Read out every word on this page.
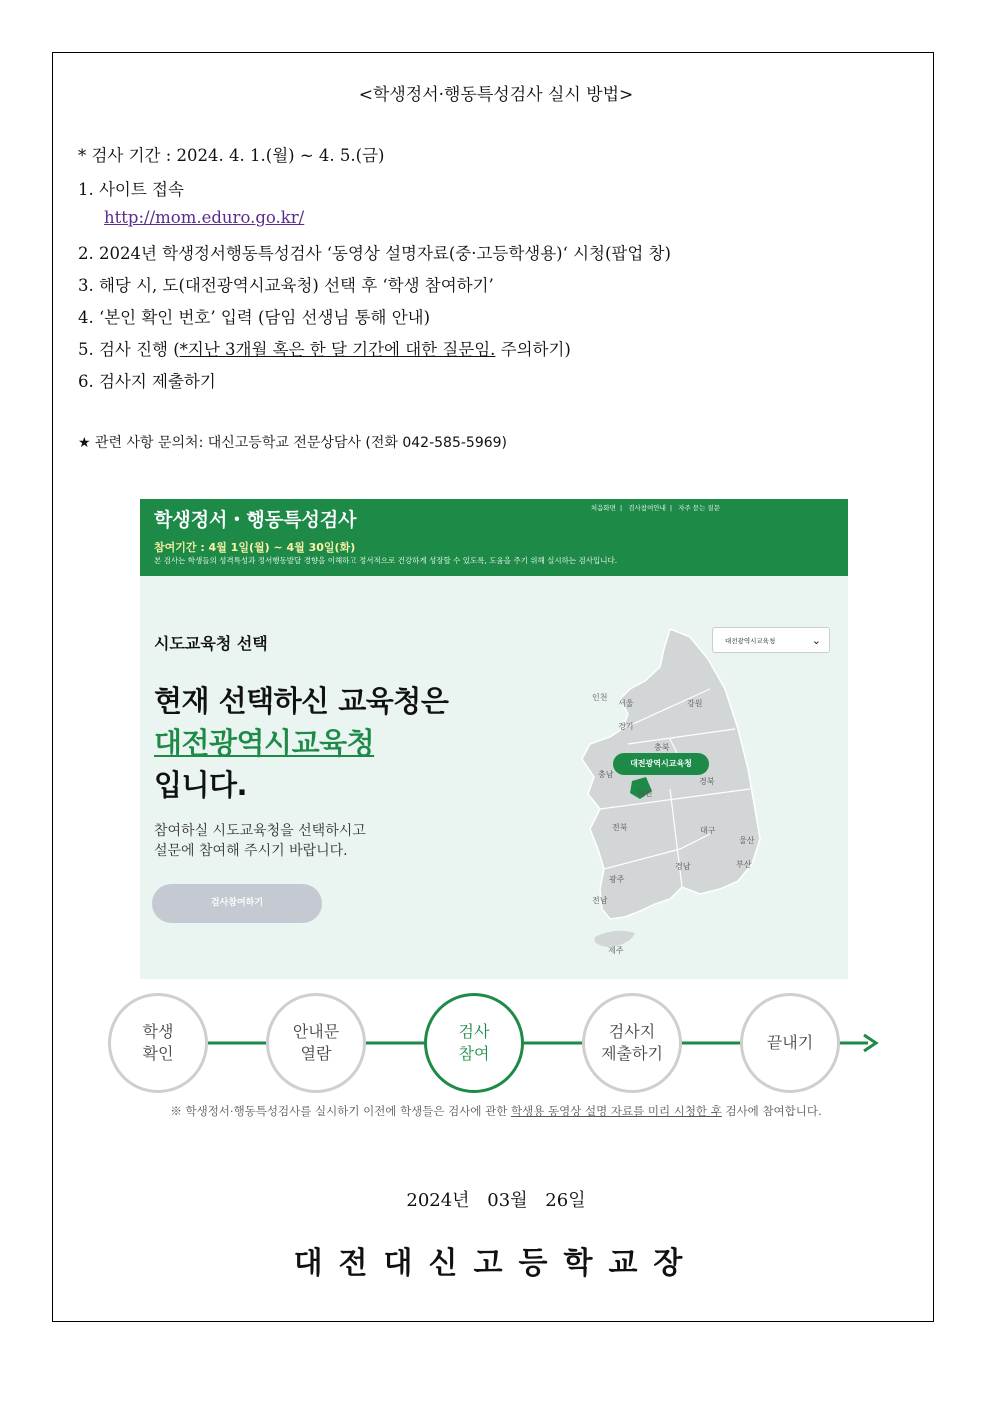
<학생정서·행동특성검사 실시 방법>
* 검사 기간 : 2024. 4. 1.(월) ~ 4. 5.(금)
1. 사이트 접속
http://mom.eduro.go.kr/
2. 2024년 학생정서행동특성검사 ‘동영상 설명자료(중·고등학생용)‘ 시청(팝업 창)
3. 해당 시, 도(대전광역시교육청) 선택 후 ‘학생 참여하기’
4. ‘본인 확인 번호’ 입력 (담임 선생님 통해 안내)
5. 검사 진행 (*지난 3개월 혹은 한 달 기간에 대한 질문임. 주의하기)
6. 검사지 제출하기
★ 관련 사항 문의처: 대신고등학교 전문상담사 (전화 042-585-5969)
학생정서・행동특성검사
처음화면 | 검사참여안내 | 자주 묻는 질문
참여기간 : 4월 1일(월) ~ 4월 30일(화)
본 검사는 학생들의 성격특성과 정서행동발달 경향을 이해하고 정서적으로 건강하게 성장할 수 있도록, 도움을 주기 위해 실시하는 검사입니다.
시도교육청 선택
현재 선택하신 교육청은
대전광역시교육청
입니다.
참여하실 시도교육청을 선택하시고
설문에 참여해 주시기 바랍니다.
검사참여하기
대전광역시교육청	⌄
대전광역시교육청
인천
서울	강원
경기
충북
충남
대전
경북
전북	대구
울산
경남	부산
광주
전남
제주
학생
확인
안내문
열람
검사
참여
검사지
제출하기
끝내기
※ 학생정서·행동특성검사를 실시하기 이전에 학생들은 검사에 관한 학생용 동영상 설명 자료를 미리 시청한 후 검사에 참여합니다.
2024년 03월 26일
대전대신고등학교장
